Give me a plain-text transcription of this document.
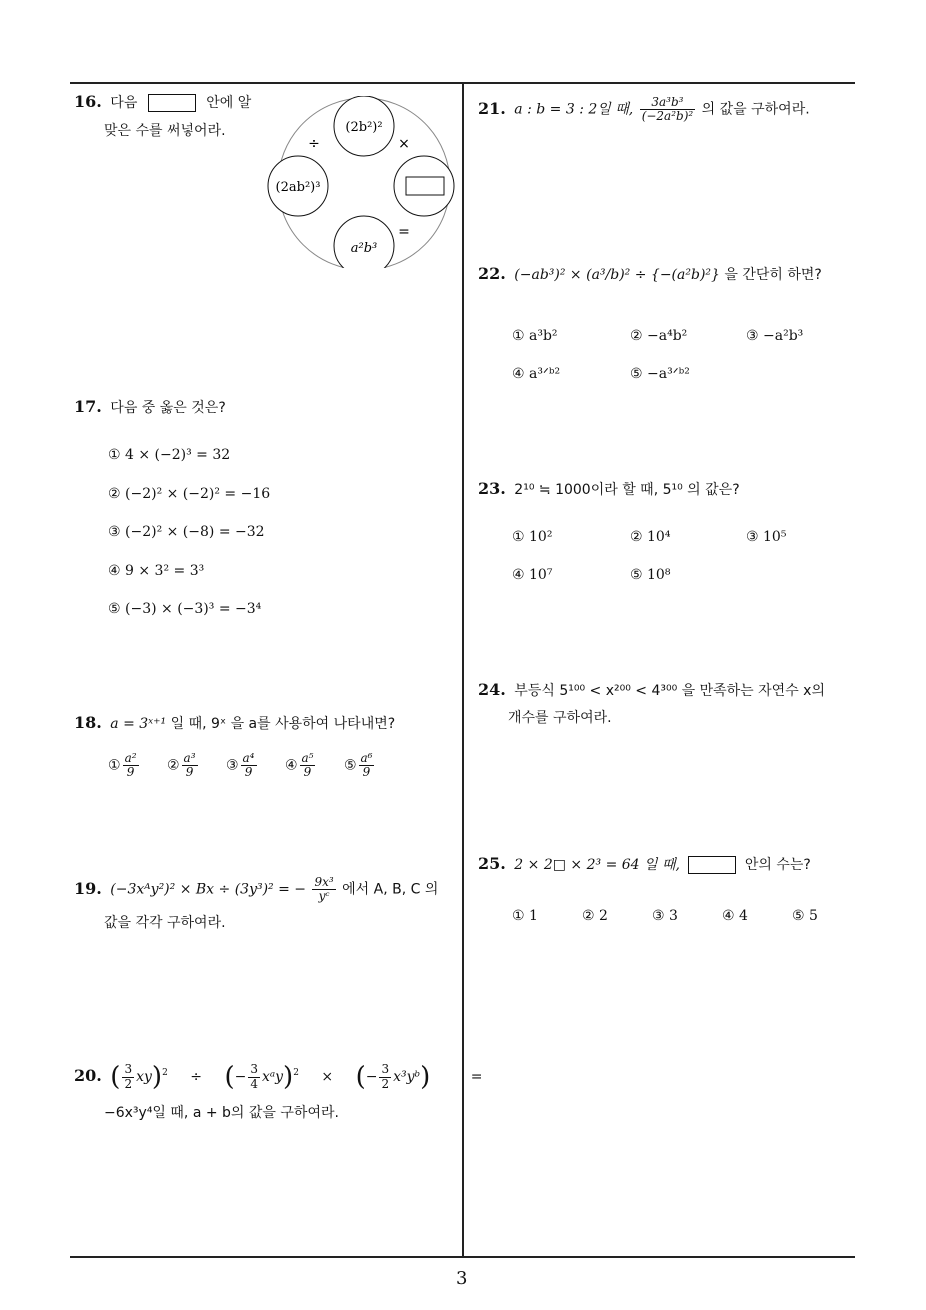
3
16. 다음	안에 알
맞은 수를 써넣어라.	(2b²)²
(2ab²)³
a²b³
÷	×
=
17. 다음 중 옳은 것은?
① 4 × (−2)³ = 32
② (−2)² × (−2)² = −16
③ (−2)² × (−8) = −32
④ 9 × 3² = 3³
⑤ (−3) × (−3)³ = −3⁴
18. a = 3ˣ⁺¹ 일 때, 9ˣ 을 a를 사용하여 나타내면?
① $\frac{\text{a²}}{9}$ ② $\frac{\text{a³}}{9}$ ③ $\frac{\text{a⁴}}{9}$ ④ $\frac{\text{a⁵}}{9}$ ⑤ $\frac{\text{a⁶}}{9}$
19. (−3xᴬy²)² × Bx ÷ (3y³)² = − $\frac{\text{9x³}}{\text{yᶜ}}$ 에서 A, B, C 의
값을 각각 구하여라.
20. ( $\frac{3}{2} xy)^2$ ÷ (− $\frac{3}{4}$ xᵃy)$^2$ × (− $\frac{3}{2}$ x³yᵇ)	=
−6x³y⁴일 때, a + b의 값을 구하여라.
21. a : b = 3 : 2일 때, $\frac{\text{3a³b³}}{\text{(−2a²b)²}}$ 의 값을 구하여라.
22. (−ab³)² × (a³/b)² ÷ {−(a²b)²} 을 간단히 하면?
① a³b²	② −a⁴b²	③ −a²b³
④ a³ᐟᵇ²	⑤ −a³ᐟᵇ²
23. 2¹⁰ ≒ 1000이라 할 때, 5¹⁰ 의 값은?
① 10²	② 10⁴	③ 10⁵
④ 10⁷	⑤ 10⁸
24. 부등식 5¹⁰⁰ < x²⁰⁰ < 4³⁰⁰ 을 만족하는 자연수 x의
개수를 구하여라.
25. 2 × 2□ × 2³ = 64 일 때,	안의 수는?
① 1	② 2	③ 3	④ 4	⑤ 5
